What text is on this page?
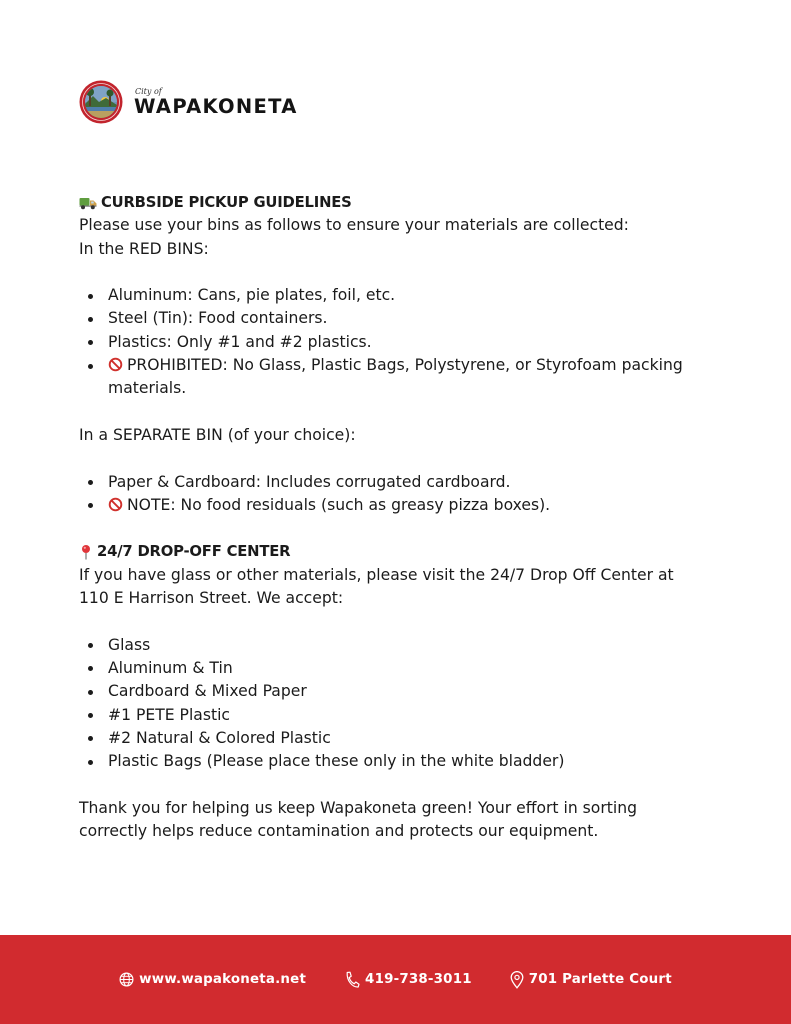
City of
WAPAKONETA
CURBSIDE PICKUP GUIDELINES

Please use your bins as follows to ensure your materials are collected:

In the RED BINS:

Aluminum: Cans, pie plates, foil, etc.
Steel (Tin): Food containers.
Plastics: Only #1 and #2 plastics.
PROHIBITED: No Glass, Plastic Bags, Polystyrene, or Styrofoam packing materials.

In a SEPARATE BIN (of your choice):

Paper & Cardboard: Includes corrugated cardboard.
NOTE: No food residuals (such as greasy pizza boxes).
24/7 DROP-OFF CENTER

If you have glass or other materials, please visit the 24/7 Drop Off Center at

110 E Harrison Street. We accept:

Glass
Aluminum & Tin
Cardboard & Mixed Paper
#1 PETE Plastic
#2 Natural & Colored Plastic
Plastic Bags (Please place these only in the white bladder)

Thank you for helping us keep Wapakoneta green! Your effort in sorting

correctly helps reduce contamination and protects our equipment.

www.wapakoneta.net	419-738-3011	701 Parlette Court
